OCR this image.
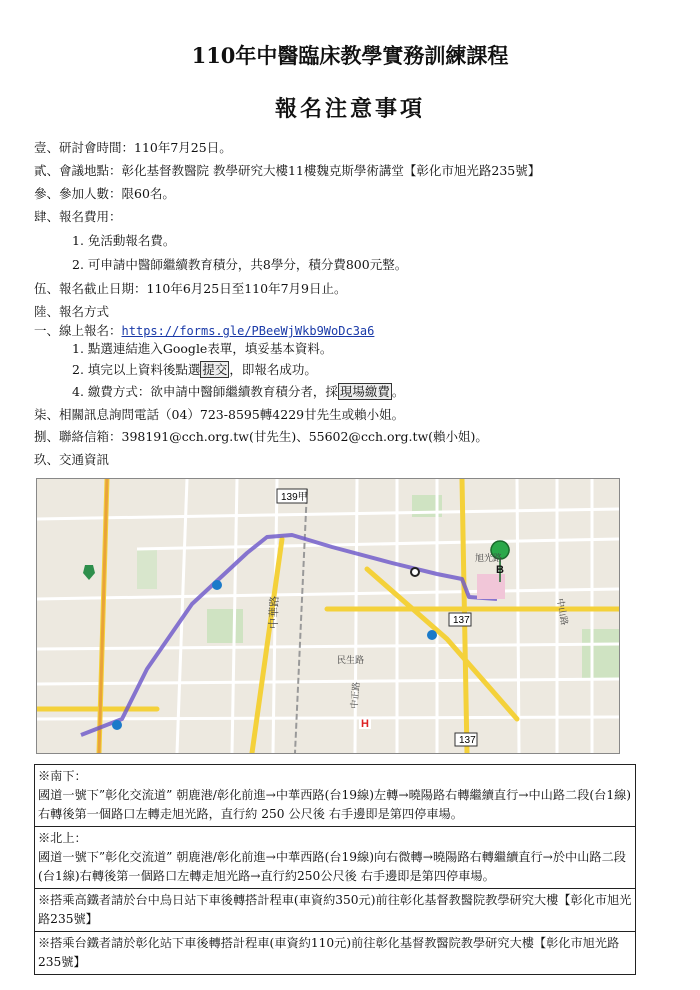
110年中醫臨床教學實務訓練課程
報名注意事項
壹、研討會時間：110年7月25日。
貳、會議地點：彰化基督教醫院 教學研究大樓11樓魏克斯學術講堂【彰化市旭光路235號】
參、參加人數：限60名。
肆、報名費用：
1. 免活動報名費。
2. 可申請中醫師繼續教育積分，共8學分，積分費800元整。
伍、報名截止日期：110年6月25日至110年7月9日止。
陸、報名方式
一、線上報名：https://forms.gle/PBeeWjWkb9WoDc3a6
1. 點選連結進入Google表單，填妥基本資料。
2. 填完以上資料後點選 提交 ，即報名成功。
4. 繳費方式：欲申請中醫師繼續教育積分者，採 現場繳費 。
柒、相關訊息詢問電話（04）723-8595轉4229甘先生或賴小姐。
捌、聯絡信箱：398191@cch.org.tw(甘先生)、55602@cch.org.tw(賴小姐)。
玖、交通資訊
B
139甲
137
137
中華路
中正路
旭光路
民生路
中山路
H
※南下：
國道一號下”彰化交流道” 朝鹿港/彰化前進→中華西路(台19線)左轉→曉陽路右轉繼續直行→中山路二段(台1線)右轉後第一個路口左轉走旭光路，直行約 250 公尺後 右手邊即是第四停車場。

※北上：
國道一號下”彰化交流道” 朝鹿港/彰化前進→中華西路(台19線)向右微轉→曉陽路右轉繼續直行→於中山路二段(台1線)右轉後第一個路口左轉走旭光路→直行約250公尺後 右手邊即是第四停車場。
※搭乘高鐵者請於台中烏日站下車後轉搭計程車(車資約350元)前往彰化基督教醫院教學研究大樓【彰化市旭光路235號】
※搭乘台鐵者請於彰化站下車後轉搭計程車(車資約110元)前往彰化基督教醫院教學研究大樓【彰化市旭光路235號】
